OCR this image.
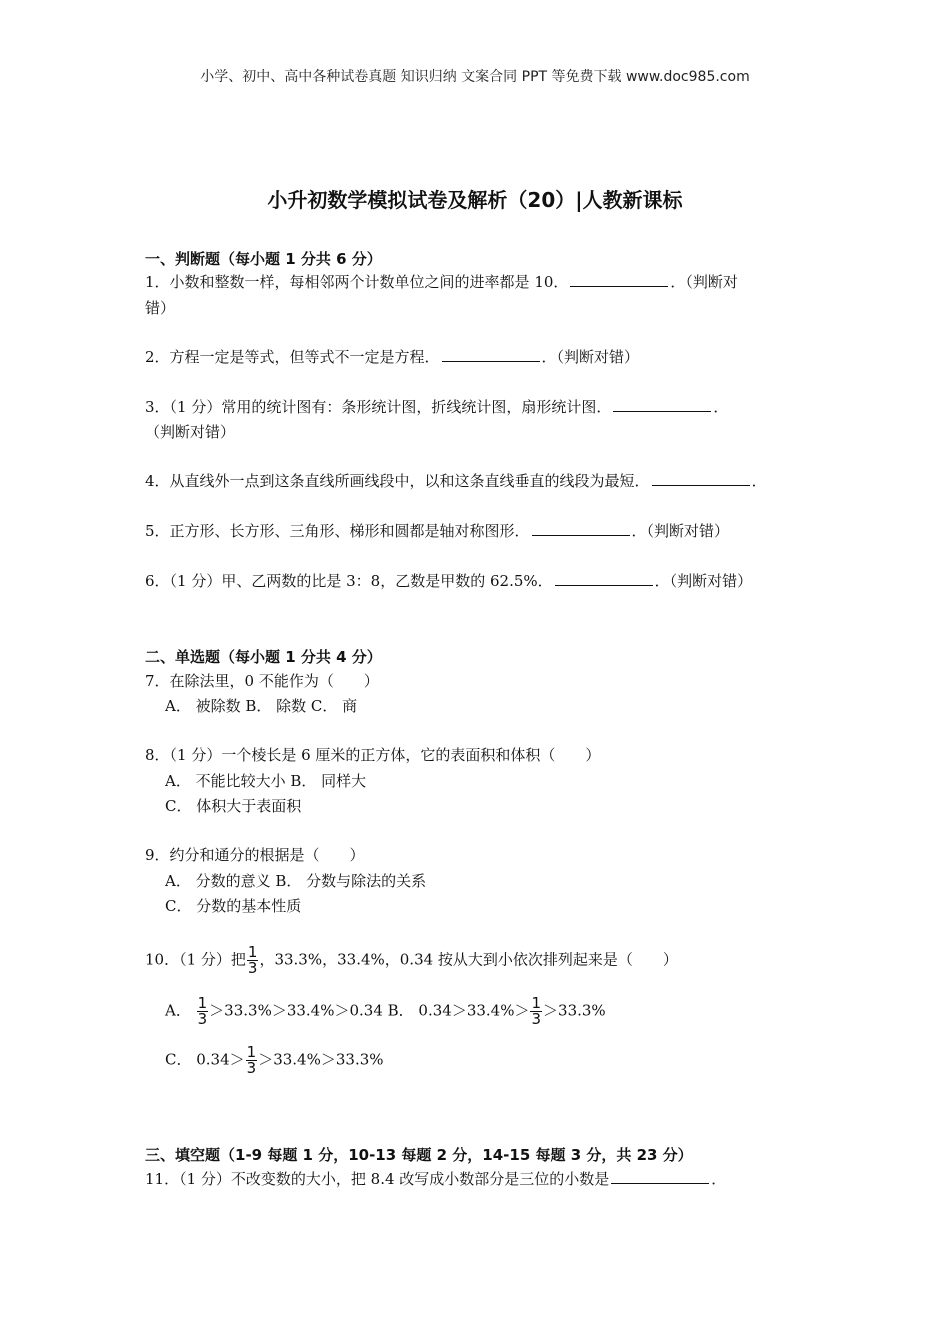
小学、初中、高中各种试卷真题 知识归纳 文案合同 PPT 等免费下载 www.doc985.com
小升初数学模拟试卷及解析（20）|人教新课标
一、判断题（每小题 1 分共 6 分）
1．小数和整数一样，每相邻两个计数单位之间的进率都是 10．	．（判断对
错）
2．方程一定是等式，但等式不一定是方程．	．（判断对错）
3．（1 分）常用的统计图有：条形统计图，折线统计图，扇形统计图．	．
（判断对错）
4．从直线外一点到这条直线所画线段中，以和这条直线垂直的线段为最短．	．
5．正方形、长方形、三角形、梯形和圆都是轴对称图形．	．（判断对错）
6．（1 分）甲、乙两数的比是 3：8，乙数是甲数的 62.5%．	．（判断对错）
二、单选题（每小题 1 分共 4 分）
7．在除法里，0 不能作为（　　）
A． 被除数 B． 除数 C． 商
8．（1 分）一个棱长是 6 厘米的正方体，它的表面积和体积（　　）
A． 不能比较大小 B． 同样大
C． 体积大于表面积
9．约分和通分的根据是（　　）
A． 分数的意义 B． 分数与除法的关系
C． 分数的基本性质
10．（1 分）把 $\frac{1}{3}$ ，33.3%，33.4%，0.34 按从大到小依次排列起来是（　　）
A． $\frac{1}{3} >33.3\%>33.4\%>0.34$ B． $0.34>33.4\%> \frac{1}{3} >33.3\%$
C． $0.34> \frac{1}{3} >33.4\%>33.3\%$
三、填空题（1-9 每题 1 分，10-13 每题 2 分，14-15 每题 3 分，共 23 分）
11．（1 分）不改变数的大小，把 8.4 改写成小数部分是三位的小数是	．
